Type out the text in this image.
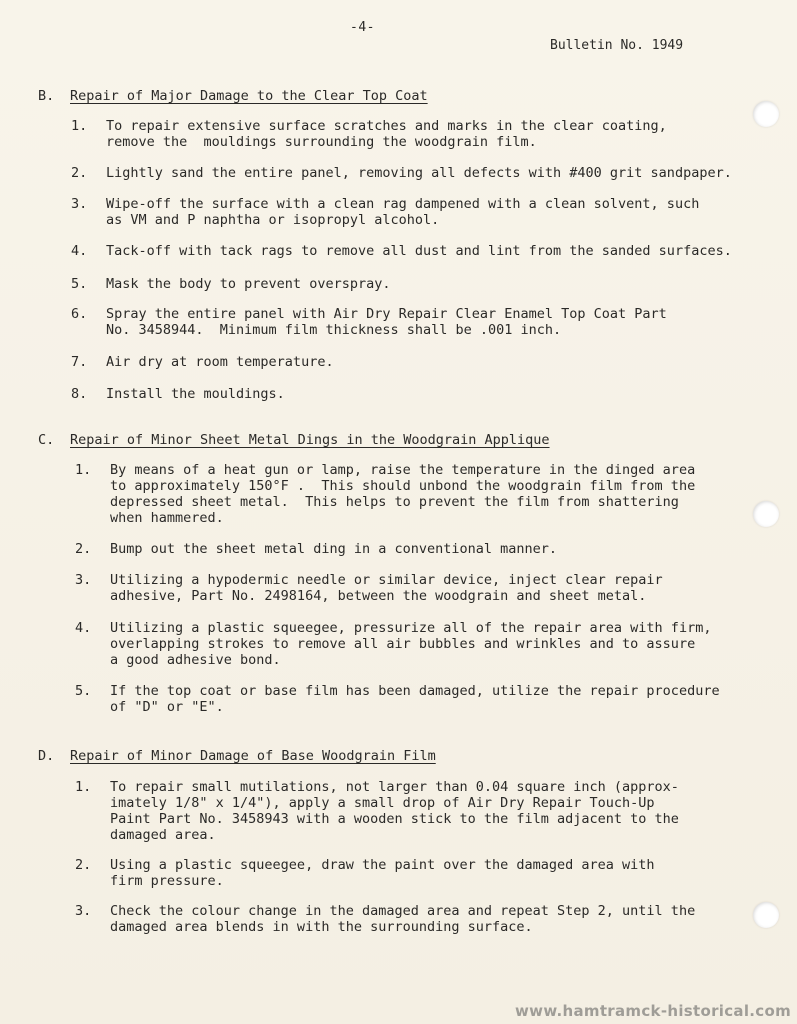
-4-
Bulletin No. 1949
B. Repair of Major Damage to the Clear Top Coat
1. To repair extensive surface scratches and marks in the clear coating,
remove the  mouldings surrounding the woodgrain film.
2. Lightly sand the entire panel, removing all defects with #400 grit sandpaper.
3. Wipe-off the surface with a clean rag dampened with a clean solvent, such
as VM and P naphtha or isopropyl alcohol.
4. Tack-off with tack rags to remove all dust and lint from the sanded surfaces.
5. Mask the body to prevent overspray.
6. Spray the entire panel with Air Dry Repair Clear Enamel Top Coat Part
No. 3458944.  Minimum film thickness shall be .001 inch.
7. Air dry at room temperature.
8. Install the mouldings.
C. Repair of Minor Sheet Metal Dings in the Woodgrain Applique
1. By means of a heat gun or lamp, raise the temperature in the dinged area
to approximately 150°F .  This should unbond the woodgrain film from the
depressed sheet metal.  This helps to prevent the film from shattering
when hammered.
2. Bump out the sheet metal ding in a conventional manner.
3. Utilizing a hypodermic needle or similar device, inject clear repair
adhesive, Part No. 2498164, between the woodgrain and sheet metal.
4. Utilizing a plastic squeegee, pressurize all of the repair area with firm,
overlapping strokes to remove all air bubbles and wrinkles and to assure
a good adhesive bond.
5. If the top coat or base film has been damaged, utilize the repair procedure
of "D" or "E".
D. Repair of Minor Damage of Base Woodgrain Film
1. To repair small mutilations, not larger than 0.04 square inch (approx-
imately 1/8" x 1/4"), apply a small drop of Air Dry Repair Touch-Up
Paint Part No. 3458943 with a wooden stick to the film adjacent to the
damaged area.
2. Using a plastic squeegee, draw the paint over the damaged area with
firm pressure.
3. Check the colour change in the damaged area and repeat Step 2, until the
damaged area blends in with the surrounding surface.
www.hamtramck-historical.com
